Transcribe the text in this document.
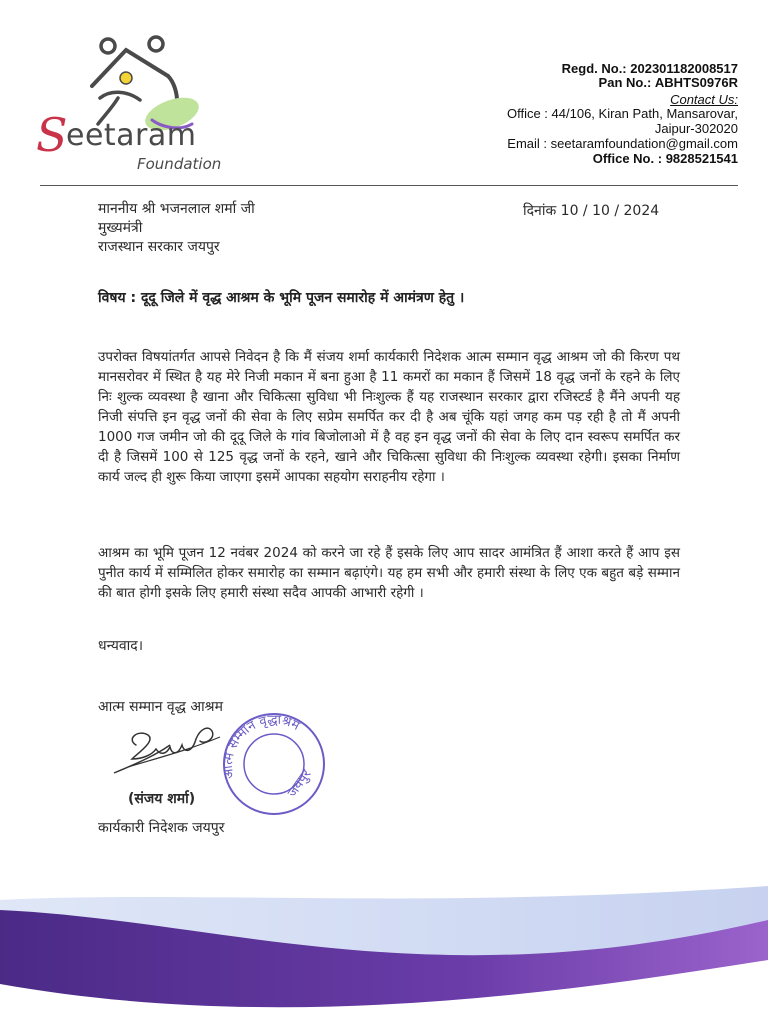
S
eetaram
Foundation
Regd. No.: 202301182008517
Pan No.: ABHTS0976R
Contact Us:
Office : 44/106, Kiran Path, Mansarovar,
Jaipur-302020
Email : seetaramfoundation@gmail.com
Office No. : 9828521541
माननीय श्री भजनलाल शर्मा जी
मुख्यमंत्री
राजस्थान सरकार जयपुर
दिनांक 10 / 10 / 2024
विषय : दूदू जिले में वृद्ध आश्रम के भूमि पूजन समारोह में आमंत्रण हेतु ।
उपरोक्त विषयांतर्गत आपसे निवेदन है कि मैं संजय शर्मा कार्यकारी निदेशक आत्म सम्मान वृद्ध आश्रम जो की किरण पथ मानसरोवर में स्थित है यह मेरे निजी मकान में बना हुआ है 11 कमरों का मकान हैं जिसमें 18 वृद्ध जनों के रहने के लिए निः शुल्क व्यवस्था है खाना और चिकित्सा सुविधा भी निःशुल्क हैं यह राजस्थान सरकार द्वारा रजिस्टर्ड है मैंने अपनी यह निजी संपत्ति इन वृद्ध जनों की सेवा के लिए सप्रेम समर्पित कर दी है अब चूंकि यहां जगह कम पड़ रही है तो मैं अपनी 1000 गज जमीन जो की दूदू जिले के गांव बिजोलाओ में है वह इन वृद्ध जनों की सेवा के लिए दान स्वरूप समर्पित कर दी है जिसमें 100 से 125 वृद्ध जनों के रहने, खाने और चिकित्सा सुविधा की निःशुल्क व्यवस्था रहेगी। इसका निर्माण कार्य जल्द ही शुरू किया जाएगा इसमें आपका सहयोग सराहनीय रहेगा ।
आश्रम का भूमि पूजन 12 नवंबर 2024 को करने जा रहे हैं इसके लिए आप सादर आमंत्रित हैं आशा करते हैं आप इस पुनीत कार्य में सम्मिलित होकर समारोह का सम्मान बढ़ाएंगे। यह हम सभी और हमारी संस्था के लिए एक बहुत बड़े सम्मान की बात होगी इसके लिए हमारी संस्था सदैव आपकी आभारी रहेगी ।
धन्यवाद।
आत्म सम्मान वृद्ध आश्रम
आत्म सम्मान वृद्धाश्रम
जयपुर
(संजय शर्मा)
कार्यकारी निदेशक जयपुर
